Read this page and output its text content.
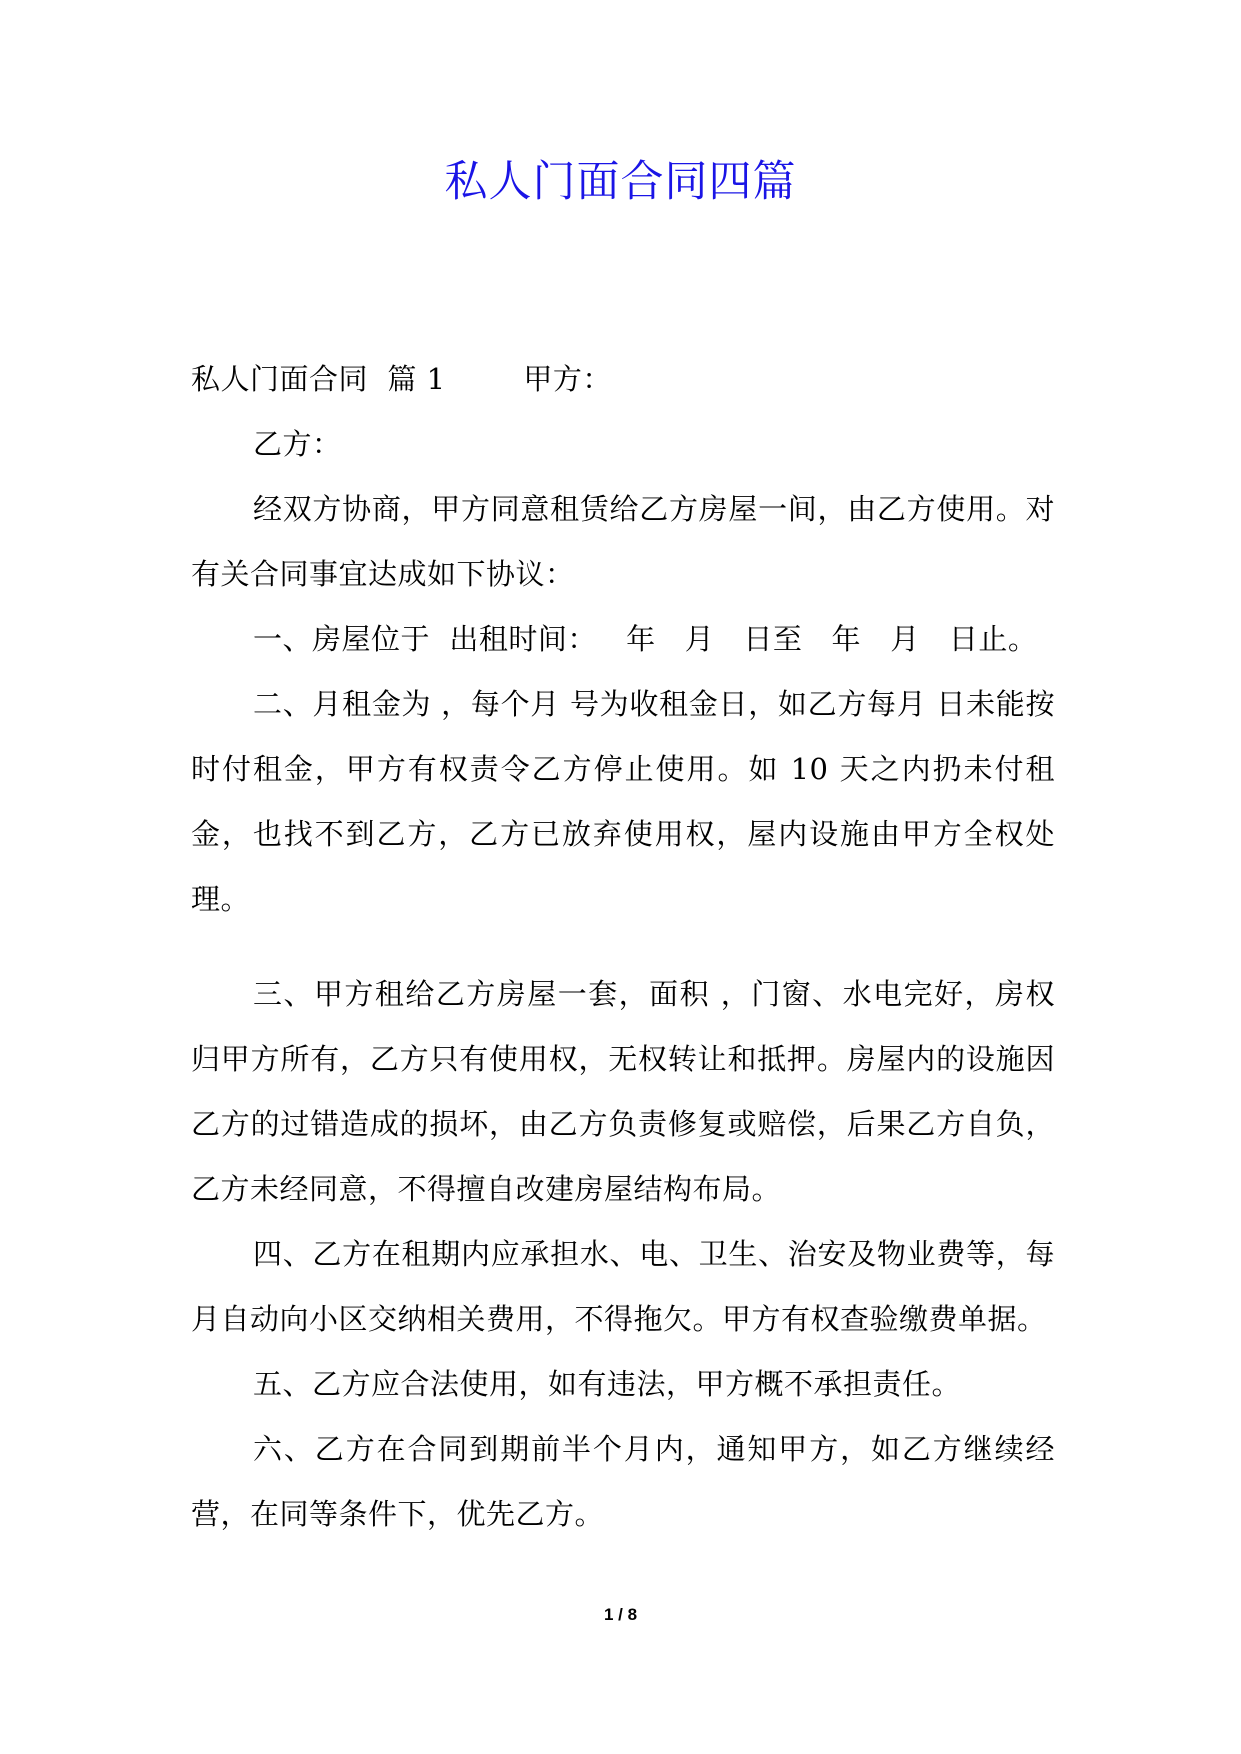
私人门面合同四篇

私人门面合同  篇 1        甲方：

乙方：

经双方协商，甲方同意租赁给乙方房屋一间，由乙方使用。对有关合同事宜达成如下协议：

一、房屋位于  出租时间：   年   月   日至   年   月   日止。

二、月租金为 ，每个月 号为收租金日，如乙方每月 日未能按时付租金，甲方有权责令乙方停止使用。如 10 天之内扔未付租金，也找不到乙方，乙方已放弃使用权，屋内设施由甲方全权处理。

三、甲方租给乙方房屋一套，面积 ，门窗、水电完好，房权归甲方所有，乙方只有使用权，无权转让和抵押。房屋内的设施因乙方的过错造成的损坏，由乙方负责修复或赔偿，后果乙方自负，乙方未经同意，不得擅自改建房屋结构布局。

四、乙方在租期内应承担水、电、卫生、治安及物业费等，每月自动向小区交纳相关费用，不得拖欠。甲方有权查验缴费单据。

五、乙方应合法使用，如有违法，甲方概不承担责任。

六、乙方在合同到期前半个月内，通知甲方，如乙方继续经营，在同等条件下，优先乙方。

1 / 8
